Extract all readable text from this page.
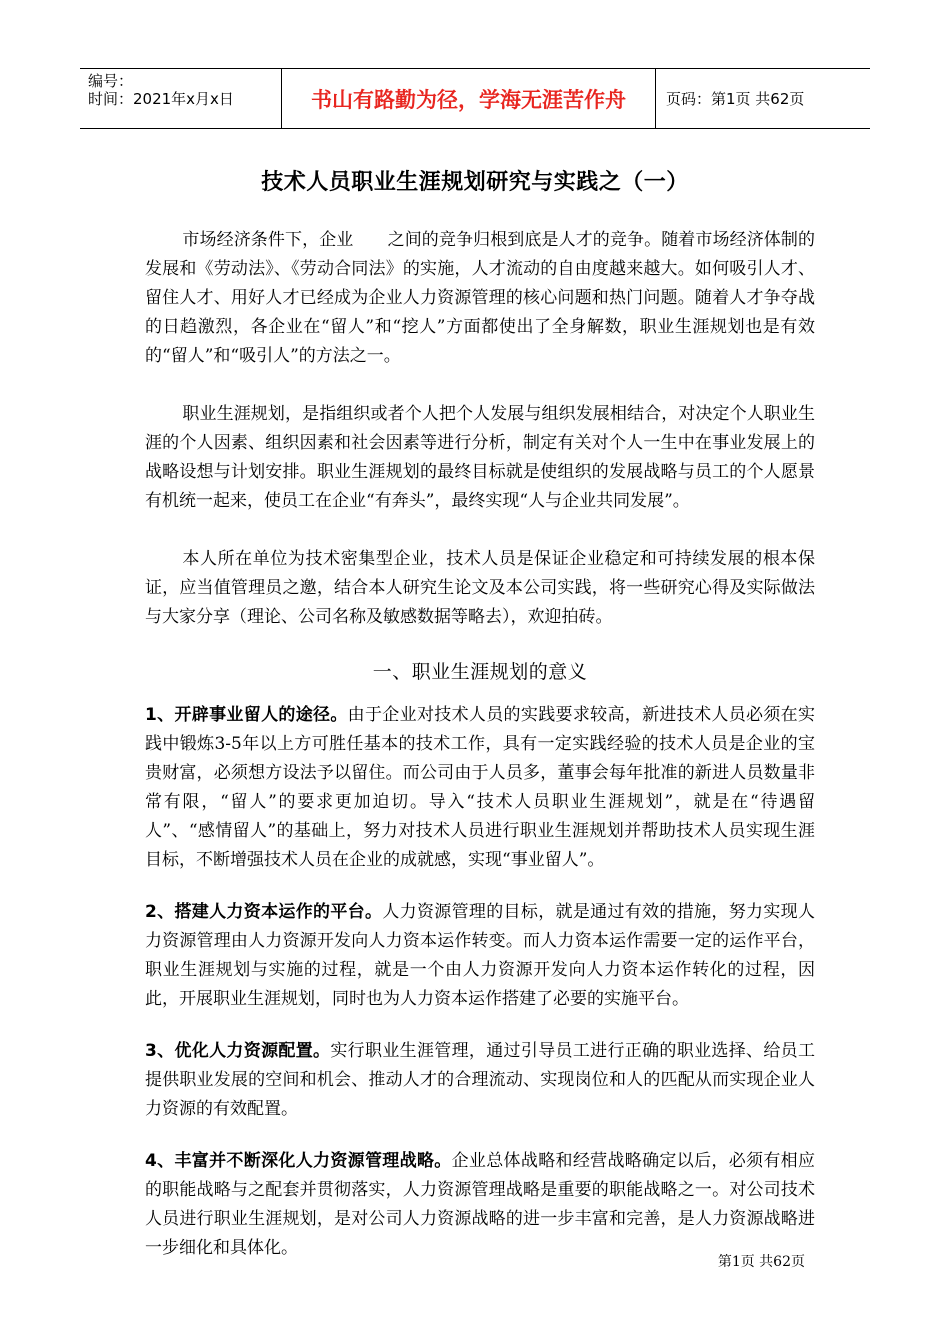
编号：
时间：2021年x月x日	书山有路勤为径，学海无涯苦作舟	页码：第1页 共62页
技术人员职业生涯规划研究与实践之（一）

市场经济条件下，企业　　之间的竞争归根到底是人才的竞争。随着市场经济体制的发展和《劳动法》、《劳动合同法》的实施，人才流动的自由度越来越大。如何吸引人才、留住人才、用好人才已经成为企业人力资源管理的核心问题和热门问题。随着人才争夺战的日趋激烈，各企业在“留人”和“挖人”方面都使出了全身解数，职业生涯规划也是有效的“留人”和“吸引人”的方法之一。

职业生涯规划，是指组织或者个人把个人发展与组织发展相结合，对决定个人职业生涯的个人因素、组织因素和社会因素等进行分析，制定有关对个人一生中在事业发展上的战略设想与计划安排。职业生涯规划的最终目标就是使组织的发展战略与员工的个人愿景有机统一起来，使员工在企业“有奔头”，最终实现“人与企业共同发展”。

本人所在单位为技术密集型企业，技术人员是保证企业稳定和可持续发展的根本保证，应当值管理员之邀，结合本人研究生论文及本公司实践，将一些研究心得及实际做法与大家分享（理论、公司名称及敏感数据等略去），欢迎拍砖。

一、职业生涯规划的意义

1、开辟事业留人的途径。由于企业对技术人员的实践要求较高，新进技术人员必须在实践中锻炼3-5年以上方可胜任基本的技术工作，具有一定实践经验的技术人员是企业的宝贵财富，必须想方设法予以留住。而公司由于人员多，董事会每年批准的新进人员数量非常有限，“留人”的要求更加迫切。导入“技术人员职业生涯规划”，就是在“待遇留人”、“感情留人”的基础上，努力对技术人员进行职业生涯规划并帮助技术人员实现生涯目标，不断增强技术人员在企业的成就感，实现“事业留人”。

2、搭建人力资本运作的平台。人力资源管理的目标，就是通过有效的措施，努力实现人力资源管理由人力资源开发向人力资本运作转变。而人力资本运作需要一定的运作平台，职业生涯规划与实施的过程，就是一个由人力资源开发向人力资本运作转化的过程，因此，开展职业生涯规划，同时也为人力资本运作搭建了必要的实施平台。

3、优化人力资源配置。实行职业生涯管理，通过引导员工进行正确的职业选择、给员工提供职业发展的空间和机会、推动人才的合理流动、实现岗位和人的匹配从而实现企业人力资源的有效配置。

4、丰富并不断深化人力资源管理战略。企业总体战略和经营战略确定以后，必须有相应的职能战略与之配套并贯彻落实，人力资源管理战略是重要的职能战略之一。对公司技术人员进行职业生涯规划，是对公司人力资源战略的进一步丰富和完善，是人力资源战略进一步细化和具体化。

第1页 共62页
